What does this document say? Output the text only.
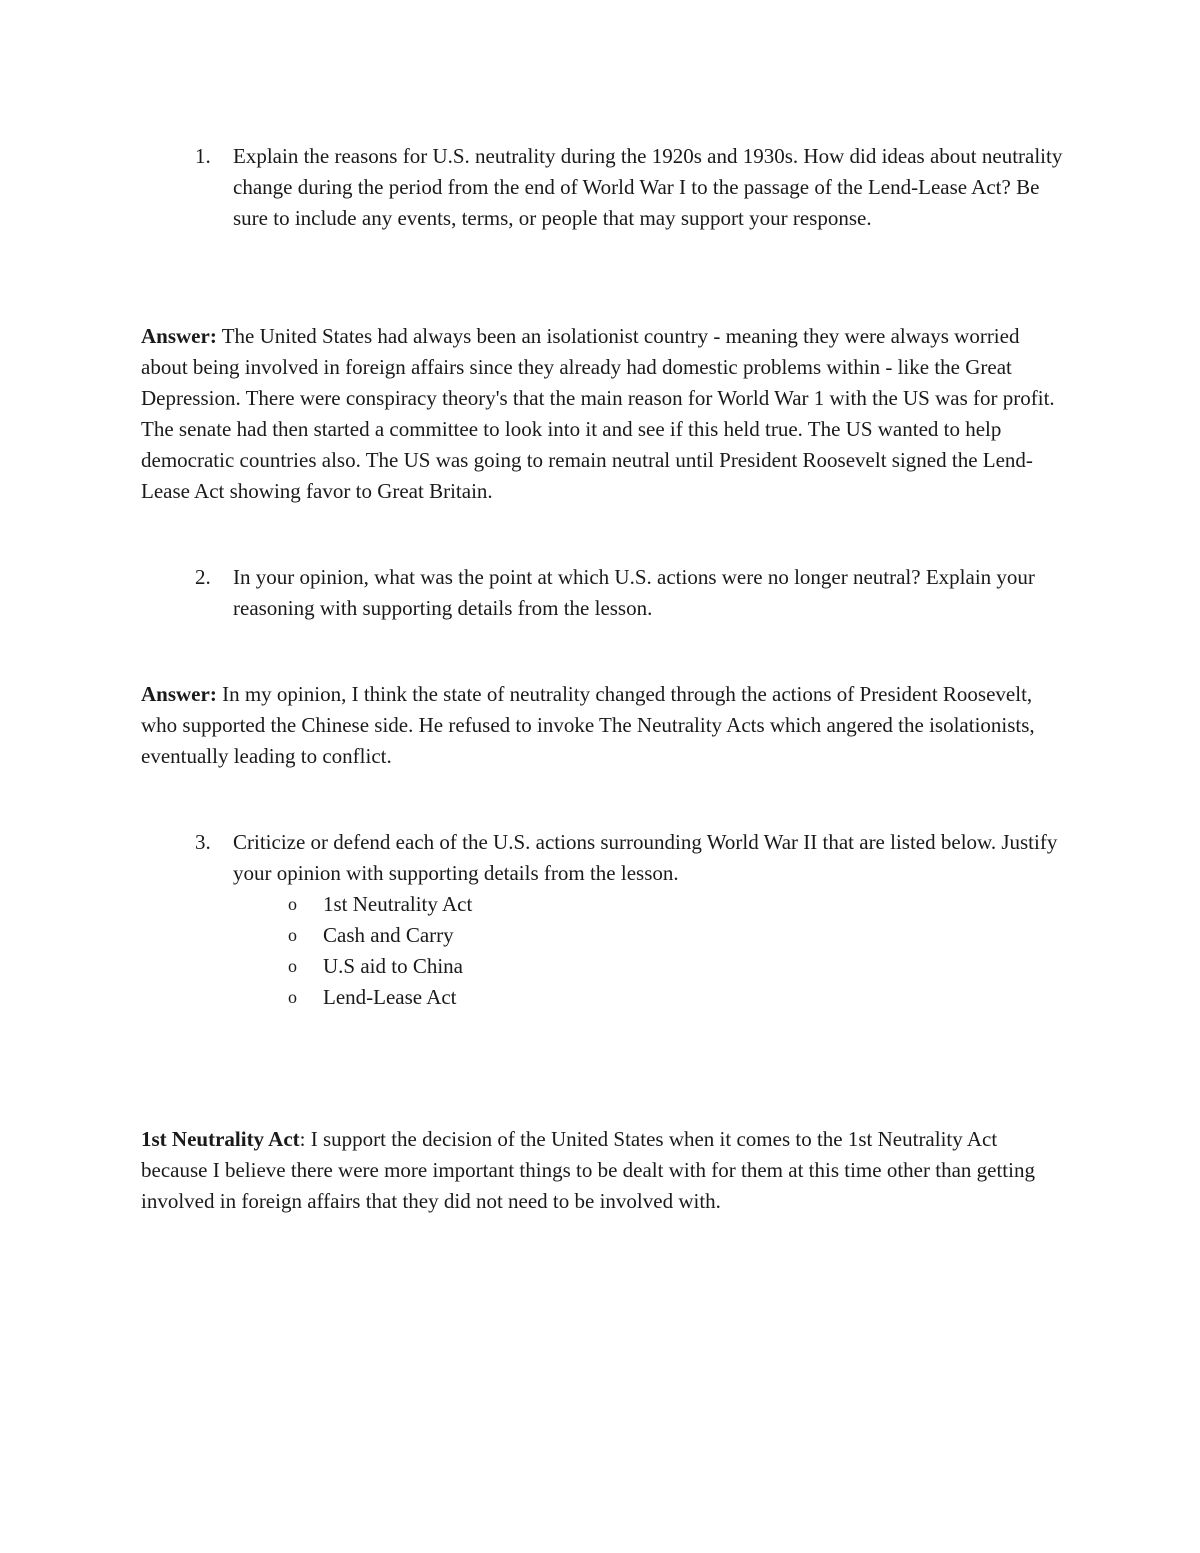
1.	Explain the reasons for U.S. neutrality during the 1920s and 1930s. How did ideas about neutrality change during the period from the end of World War I to the passage of the Lend-Lease Act? Be sure to include any events, terms, or people that may support your response.

Answer: The United States had always been an isolationist country - meaning they were always worried about being involved in foreign affairs since they already had domestic problems within - like the Great Depression. There were conspiracy theory's that the main reason for World War 1 with the US was for profit. The senate had then started a committee to look into it and see if this held true. The US wanted to help democratic countries also. The US was going to remain neutral until President Roosevelt signed the Lend-Lease Act showing favor to Great Britain.

2.	In your opinion, what was the point at which U.S. actions were no longer neutral? Explain your reasoning with supporting details from the lesson.

Answer: In my opinion, I think the state of neutrality changed through the actions of President Roosevelt, who supported the Chinese side. He refused to invoke The Neutrality Acts which angered the isolationists, eventually leading to conflict.

3.	Criticize or defend each of the U.S. actions surrounding World War II that are listed below. Justify your opinion with supporting details from the lesson.
o	1st Neutrality Act
o	Cash and Carry
o	U.S aid to China
o	Lend-Lease Act

1st Neutrality Act: I support the decision of the United States when it comes to the 1st Neutrality Act because I believe there were more important things to be dealt with for them at this time other than getting involved in foreign affairs that they did not need to be involved with.
